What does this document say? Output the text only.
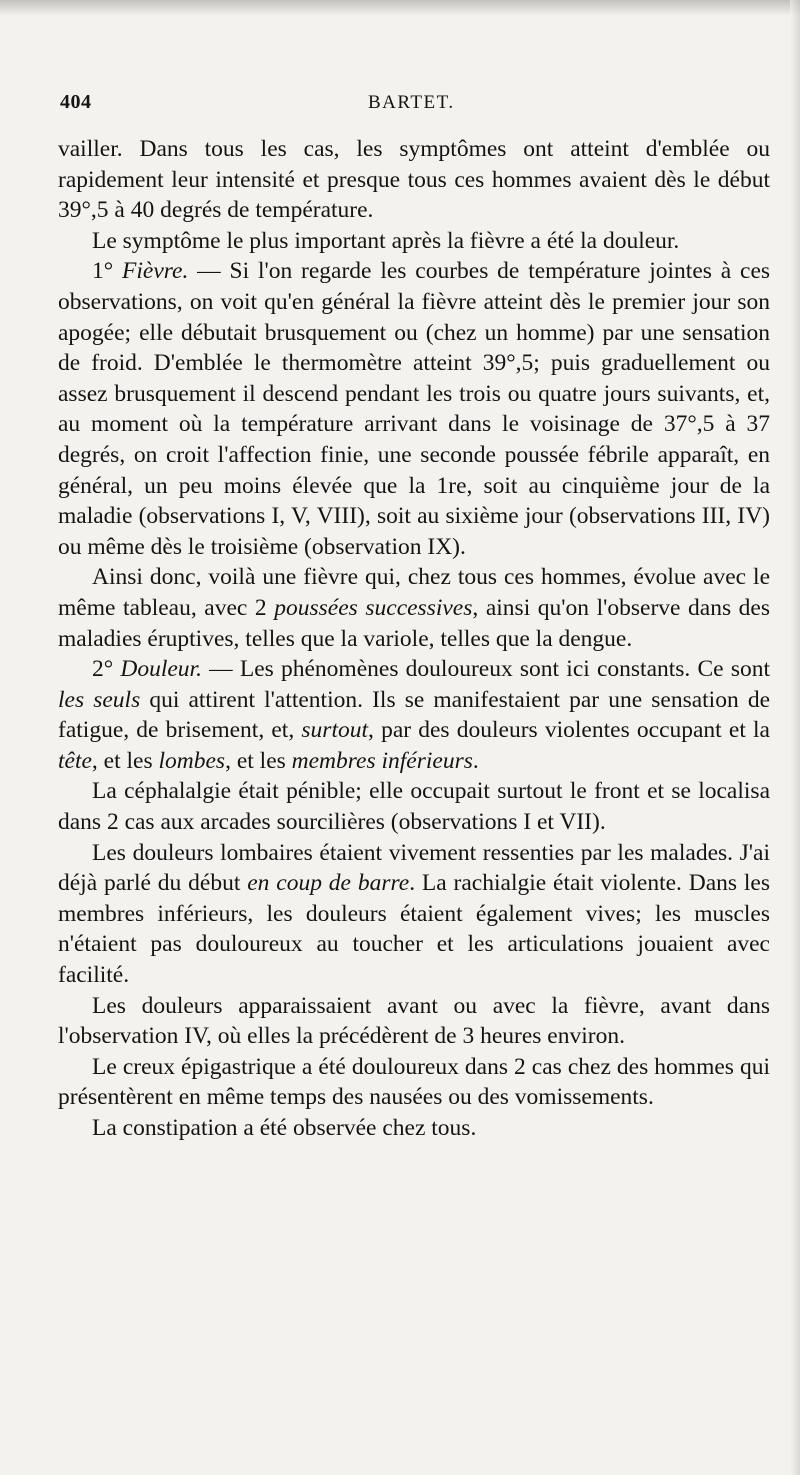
404	BARTET.

vailler. Dans tous les cas, les symptômes ont atteint d'emblée ou rapidement leur intensité et presque tous ces hommes avaient dès le début 39°,5 à 40 degrés de température.

Le symptôme le plus important après la fièvre a été la douleur.

1° Fièvre. — Si l'on regarde les courbes de température jointes à ces observations, on voit qu'en général la fièvre atteint dès le premier jour son apogée; elle débutait brusquement ou (chez un homme) par une sensation de froid. D'emblée le thermomètre atteint 39°,5; puis graduellement ou assez brusquement il descend pendant les trois ou quatre jours suivants, et, au moment où la température arrivant dans le voisinage de 37°,5 à 37 degrés, on croit l'affection finie, une seconde poussée fébrile apparaît, en général, un peu moins élevée que la 1re, soit au cinquième jour de la maladie (observations I, V, VIII), soit au sixième jour (observations III, IV) ou même dès le troisième (observation IX).

Ainsi donc, voilà une fièvre qui, chez tous ces hommes, évolue avec le même tableau, avec 2 poussées successives, ainsi qu'on l'observe dans des maladies éruptives, telles que la variole, telles que la dengue.

2° Douleur. — Les phénomènes douloureux sont ici constants. Ce sont les seuls qui attirent l'attention. Ils se manifestaient par une sensation de fatigue, de brisement, et, surtout, par des douleurs violentes occupant et la tête, et les lombes, et les membres inférieurs.

La céphalalgie était pénible; elle occupait surtout le front et se localisa dans 2 cas aux arcades sourcilières (observations I et VII).

Les douleurs lombaires étaient vivement ressenties par les malades. J'ai déjà parlé du début en coup de barre. La rachialgie était violente. Dans les membres inférieurs, les douleurs étaient également vives; les muscles n'étaient pas douloureux au toucher et les articulations jouaient avec facilité.

Les douleurs apparaissaient avant ou avec la fièvre, avant dans l'observation IV, où elles la précédèrent de 3 heures environ.

Le creux épigastrique a été douloureux dans 2 cas chez des hommes qui présentèrent en même temps des nausées ou des vomissements.

La constipation a été observée chez tous.
